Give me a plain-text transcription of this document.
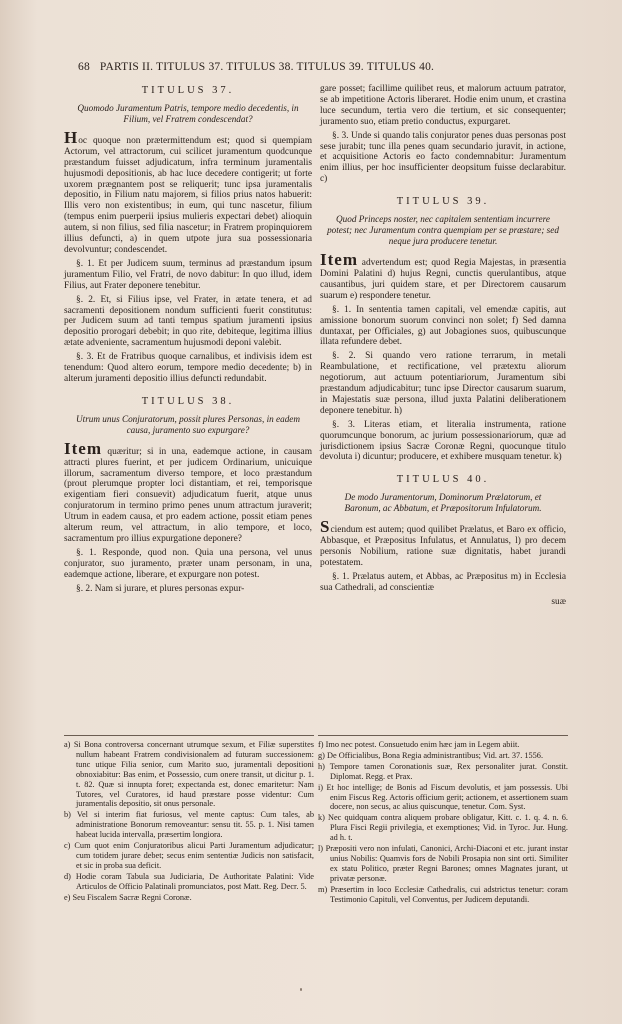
68 PARTIS II. TITULUS 37. TITULUS 38. TITULUS 39. TITULUS 40.
TITULUS 37.
Quomodo Juramentum Patris, tempore medio decedentis, in Filium, vel Fratrem condescendat?

Hoc quoque non prætermittendum est; quod si quempiam Actorum, vel attractorum, cui scilicet juramentum quodcunque præstandum fuisset adjudicatum, infra terminum juramentalis hujusmodi depositionis, ab hac luce decedere contigerit; ut forte uxorem prægnantem post se reliquerit; tunc ipsa juramentalis depositio, in Filium natu majorem, si filios prius natos habuerit: Illis vero non existentibus; in eum, qui tunc nascetur, filium (tempus enim puerperii ipsius mulieris expectari debet) alioquin autem, si non filius, sed filia nascetur; in Fratrem propinquiorem illius defuncti, a) in quem utpote jura sua possessionaria devolvuntur; condescendet.

§. 1. Et per Judicem suum, terminus ad præstandum ipsum juramentum Filio, vel Fratri, de novo dabitur: In quo illud, idem Filius, aut Frater deponere tenebitur.

§. 2. Et, si Filius ipse, vel Frater, in ætate tenera, et ad sacramenti depositionem nondum sufficienti fuerit constitutus: per Judicem suum ad tanti tempus spatium juramenti ipsius depositio prorogari debebit; in quo rite, debiteque, legitima illius ætate adveniente, sacramentum hujusmodi deponi valebit.

§. 3. Et de Fratribus quoque carnalibus, et indivisis idem est tenendum: Quod altero eorum, tempore medio decedente; b) in alterum juramenti depositio illius defuncti redundabit.

TITULUS 38.
Utrum unus Conjuratorum, possit plures Personas, in eadem causa, juramento suo expurgare?

Item quæritur; si in una, eademque actione, in causam attracti plures fuerint, et per judicem Ordinarium, unicuique illorum, sacramentum diverso tempore, et loco præstandum (prout plerumque propter loci distantiam, et rei, temporisque exigentiam fieri consuevit) adjudicatum fuerit, atque unus conjuratorum in termino primo penes unum attractum juraverit; Utrum in eadem causa, et pro eadem actione, possit etiam penes alterum reum, vel attractum, in alio tempore, et loco, sacramentum pro illius expurgatione deponere?

§. 1. Responde, quod non. Quia una persona, vel unus conjurator, suo juramento, præter unam personam, in una, eademque actione, liberare, et expurgare non potest.

§. 2. Nam si jurare, et plures personas expur-

gare posset; facillime quilibet reus, et malorum actuum patrator, se ab impetitione Actoris liberaret. Hodie enim unum, et crastina luce secundum, tertia vero die tertium, et sic consequenter; juramento suo, etiam pretio conductus, expurgaret.

§. 3. Unde si quando talis conjurator penes duas personas post sese jurabit; tunc illa penes quam secundario juravit, in actione, et acquisitione Actoris eo facto condemnabitur: Juramentum enim illius, per hoc insufficienter deopsitum fuisse declarabitur. c)

TITULUS 39.
Quod Princeps noster, nec capitalem sententiam incurrere potest; nec Juramentum contra quempiam per se præstare; sed neque jura producere tenetur.

Item advertendum est; quod Regia Majestas, in præsentia Domini Palatini d) hujus Regni, cunctis querulantibus, atque causantibus, juri quidem stare, et per Directorem causarum suarum e) respondere tenetur.

§. 1. In sententia tamen capitali, vel emendæ capitis, aut amissione bonorum suorum convinci non solet; f) Sed damna duntaxat, per Officiales, g) aut Jobagiones suos, quibuscunque illata refundere debet.

§. 2. Si quando vero ratione terrarum, in metali Reambulatione, et rectificatione, vel prætextu aliorum negotiorum, aut actuum potentiariorum, Juramentum sibi præstandum adjudicabitur; tunc ipse Director causarum suarum, in Majestatis suæ persona, illud juxta Palatini deliberationem deponere tenebitur. h)

§. 3. Literas etiam, et literalia instrumenta, ratione quorumcunque bonorum, ac jurium possessionariorum, quæ ad jurisdictionem ipsius Sacræ Coronæ Regni, quocunque titulo devoluta i) dicuntur; producere, et exhibere musquam tenetur. k)

TITULUS 40.
De modo Juramentorum, Dominorum Prælatorum, et Baronum, ac Abbatum, et Præpositorum Infulatorum.

Sciendum est autem; quod quilibet Prælatus, et Baro ex officio, Abbasque, et Præpositus Infulatus, et Annulatus, l) pro decem personis Nobilium, ratione suæ dignitatis, habet jurandi potestatem.

§. 1. Prælatus autem, et Abbas, ac Præpositus m) in Ecclesia sua Cathedrali, ad conscientiæ

suæ
a) Si Bona controversa concernant utrumque sexum, et Filiæ superstites nullum habeant Fratrem condivisionalem ad futuram successionem: tunc utique Filia senior, cum Marito suo, juramentali depositioni obnoxiabitur: Bas enim, et Possessio, cum onere transit, ut dicitur p. 1. t. 82. Quæ si innupta foret; expectanda est, donec emaritetur: Nam Tutores, vel Curatores, id haud præstare posse videntur: Cum juramentalis depositio, sit onus personale.
b) Vel si interim fiat furiosus, vel mente captus: Cum tales, ab administratione Bonorum removeantur: sensu tit. 55. p. 1. Nisi tamen habeat lucida intervalla, præsertim longiora.
c) Cum quot enim Conjuratoribus alicui Parti Juramentum adjudicatur; cum totidem jurare debet; secus enim sententiæ Judicis non satisfacit, et sic in proba sua deficit.
d) Hodie coram Tabula sua Judiciaria, De Authoritate Palatini: Vide Articulos de Officio Palatinali promunciatos, post Matt. Reg. Decr. 5.
e) Seu Fiscalem Sacræ Regni Coronæ.
f) Imo nec potest. Consuetudo enim hæc jam in Legem abiit.
g) De Officialibus, Bona Regia administrantibus; Vid. art. 37. 1556.
h) Tempore tamen Coronationis suæ, Rex personaliter jurat. Constit. Diplomat. Regg. et Prax.
i) Et hoc intellige; de Bonis ad Fiscum devolutis, et jam possessis. Ubi enim Fiscus Reg. Actoris officium gerit; actionem, et assertionem suam docere, non secus, ac alius quiscunque, tenetur. Com. Syst.
k) Nec quidquam contra aliquem probare obligatur, Kitt. c. 1. q. 4. n. 6. Plura Fisci Regii privilegia, et exemptiones; Vid. in Tyroc. Jur. Hung. ad h. t.
l) Præpositi vero non infulati, Canonici, Archi-Diaconi et etc. jurant instar unius Nobilis: Quamvis fors de Nobili Prosapia non sint orti. Similiter ex statu Politico, præter Regni Barones; omnes Magnates jurant, ut privatæ personæ.
m) Præsertim in loco Ecclesiæ Cathedralis, cui adstrictus tenetur: coram Testimonio Capituli, vel Conventus, per Judicem deputandi.
